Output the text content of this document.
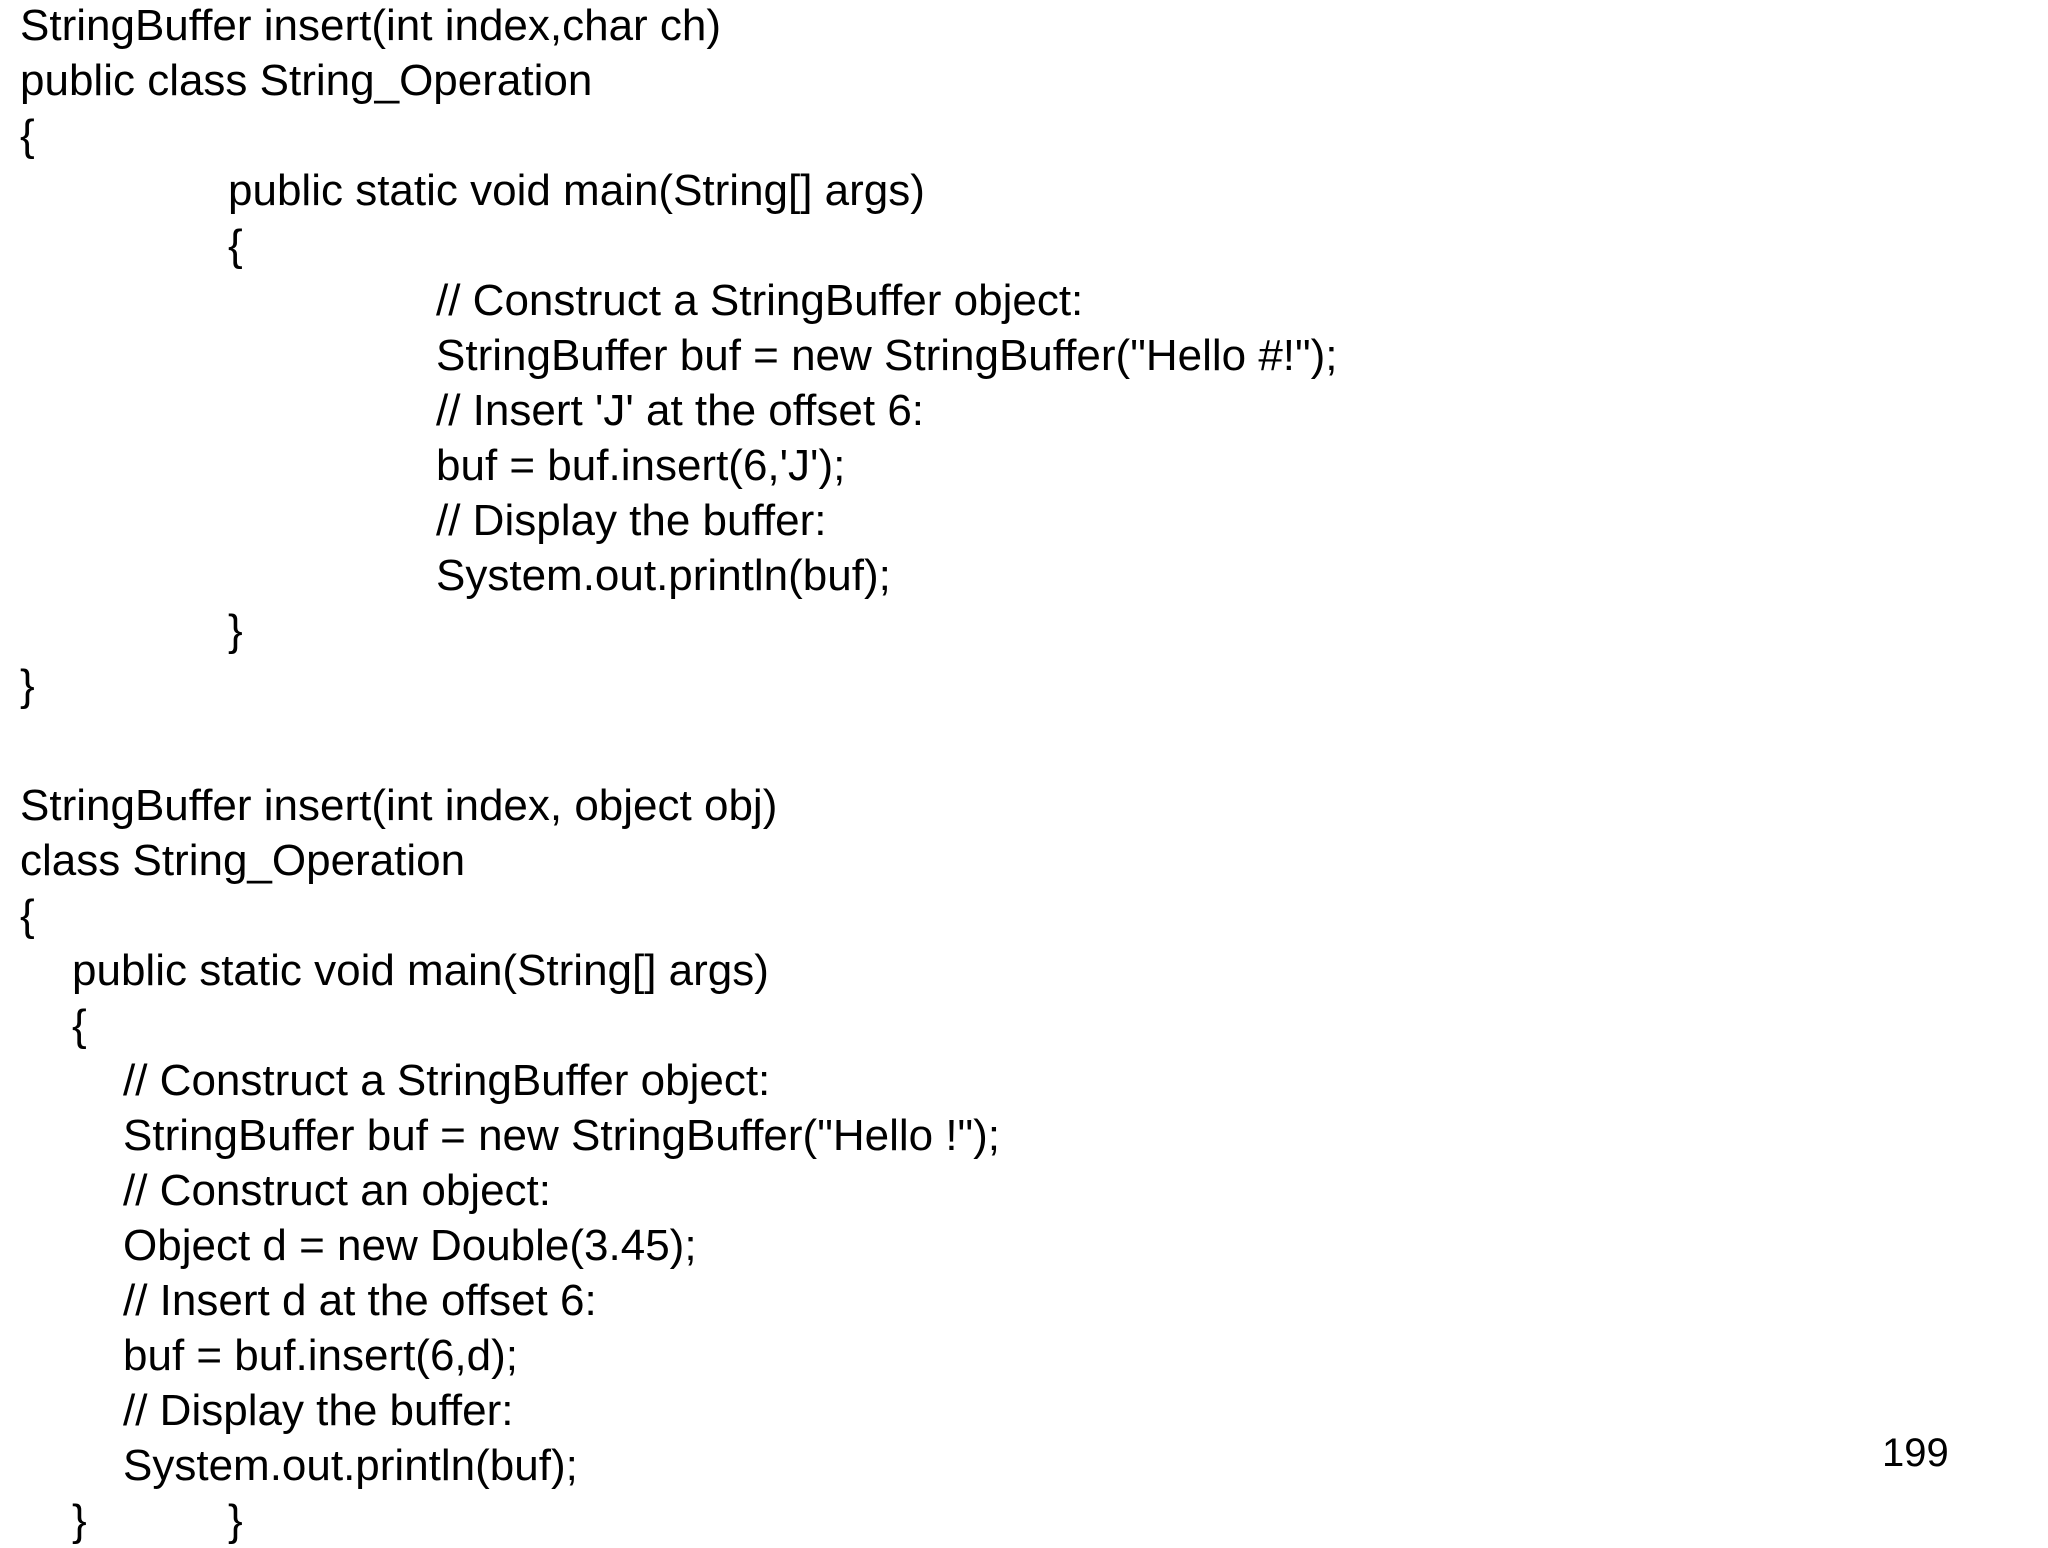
StringBuffer insert(int index,char ch)
public class String_Operation
{
public static void main(String[] args)
{
// Construct a StringBuffer object:
StringBuffer buf = new StringBuffer("Hello #!");
// Insert 'J' at the offset 6:
buf = buf.insert(6,'J');
// Display the buffer:
System.out.println(buf);
}
}
StringBuffer insert(int index, object obj)
class String_Operation
{
public static void main(String[] args)
{
// Construct a StringBuffer object:
StringBuffer buf = new StringBuffer("Hello !");
// Construct an object:
Object d = new Double(3.45);
// Insert d at the offset 6:
buf = buf.insert(6,d);
// Display the buffer:
System.out.println(buf);
}	}
199
